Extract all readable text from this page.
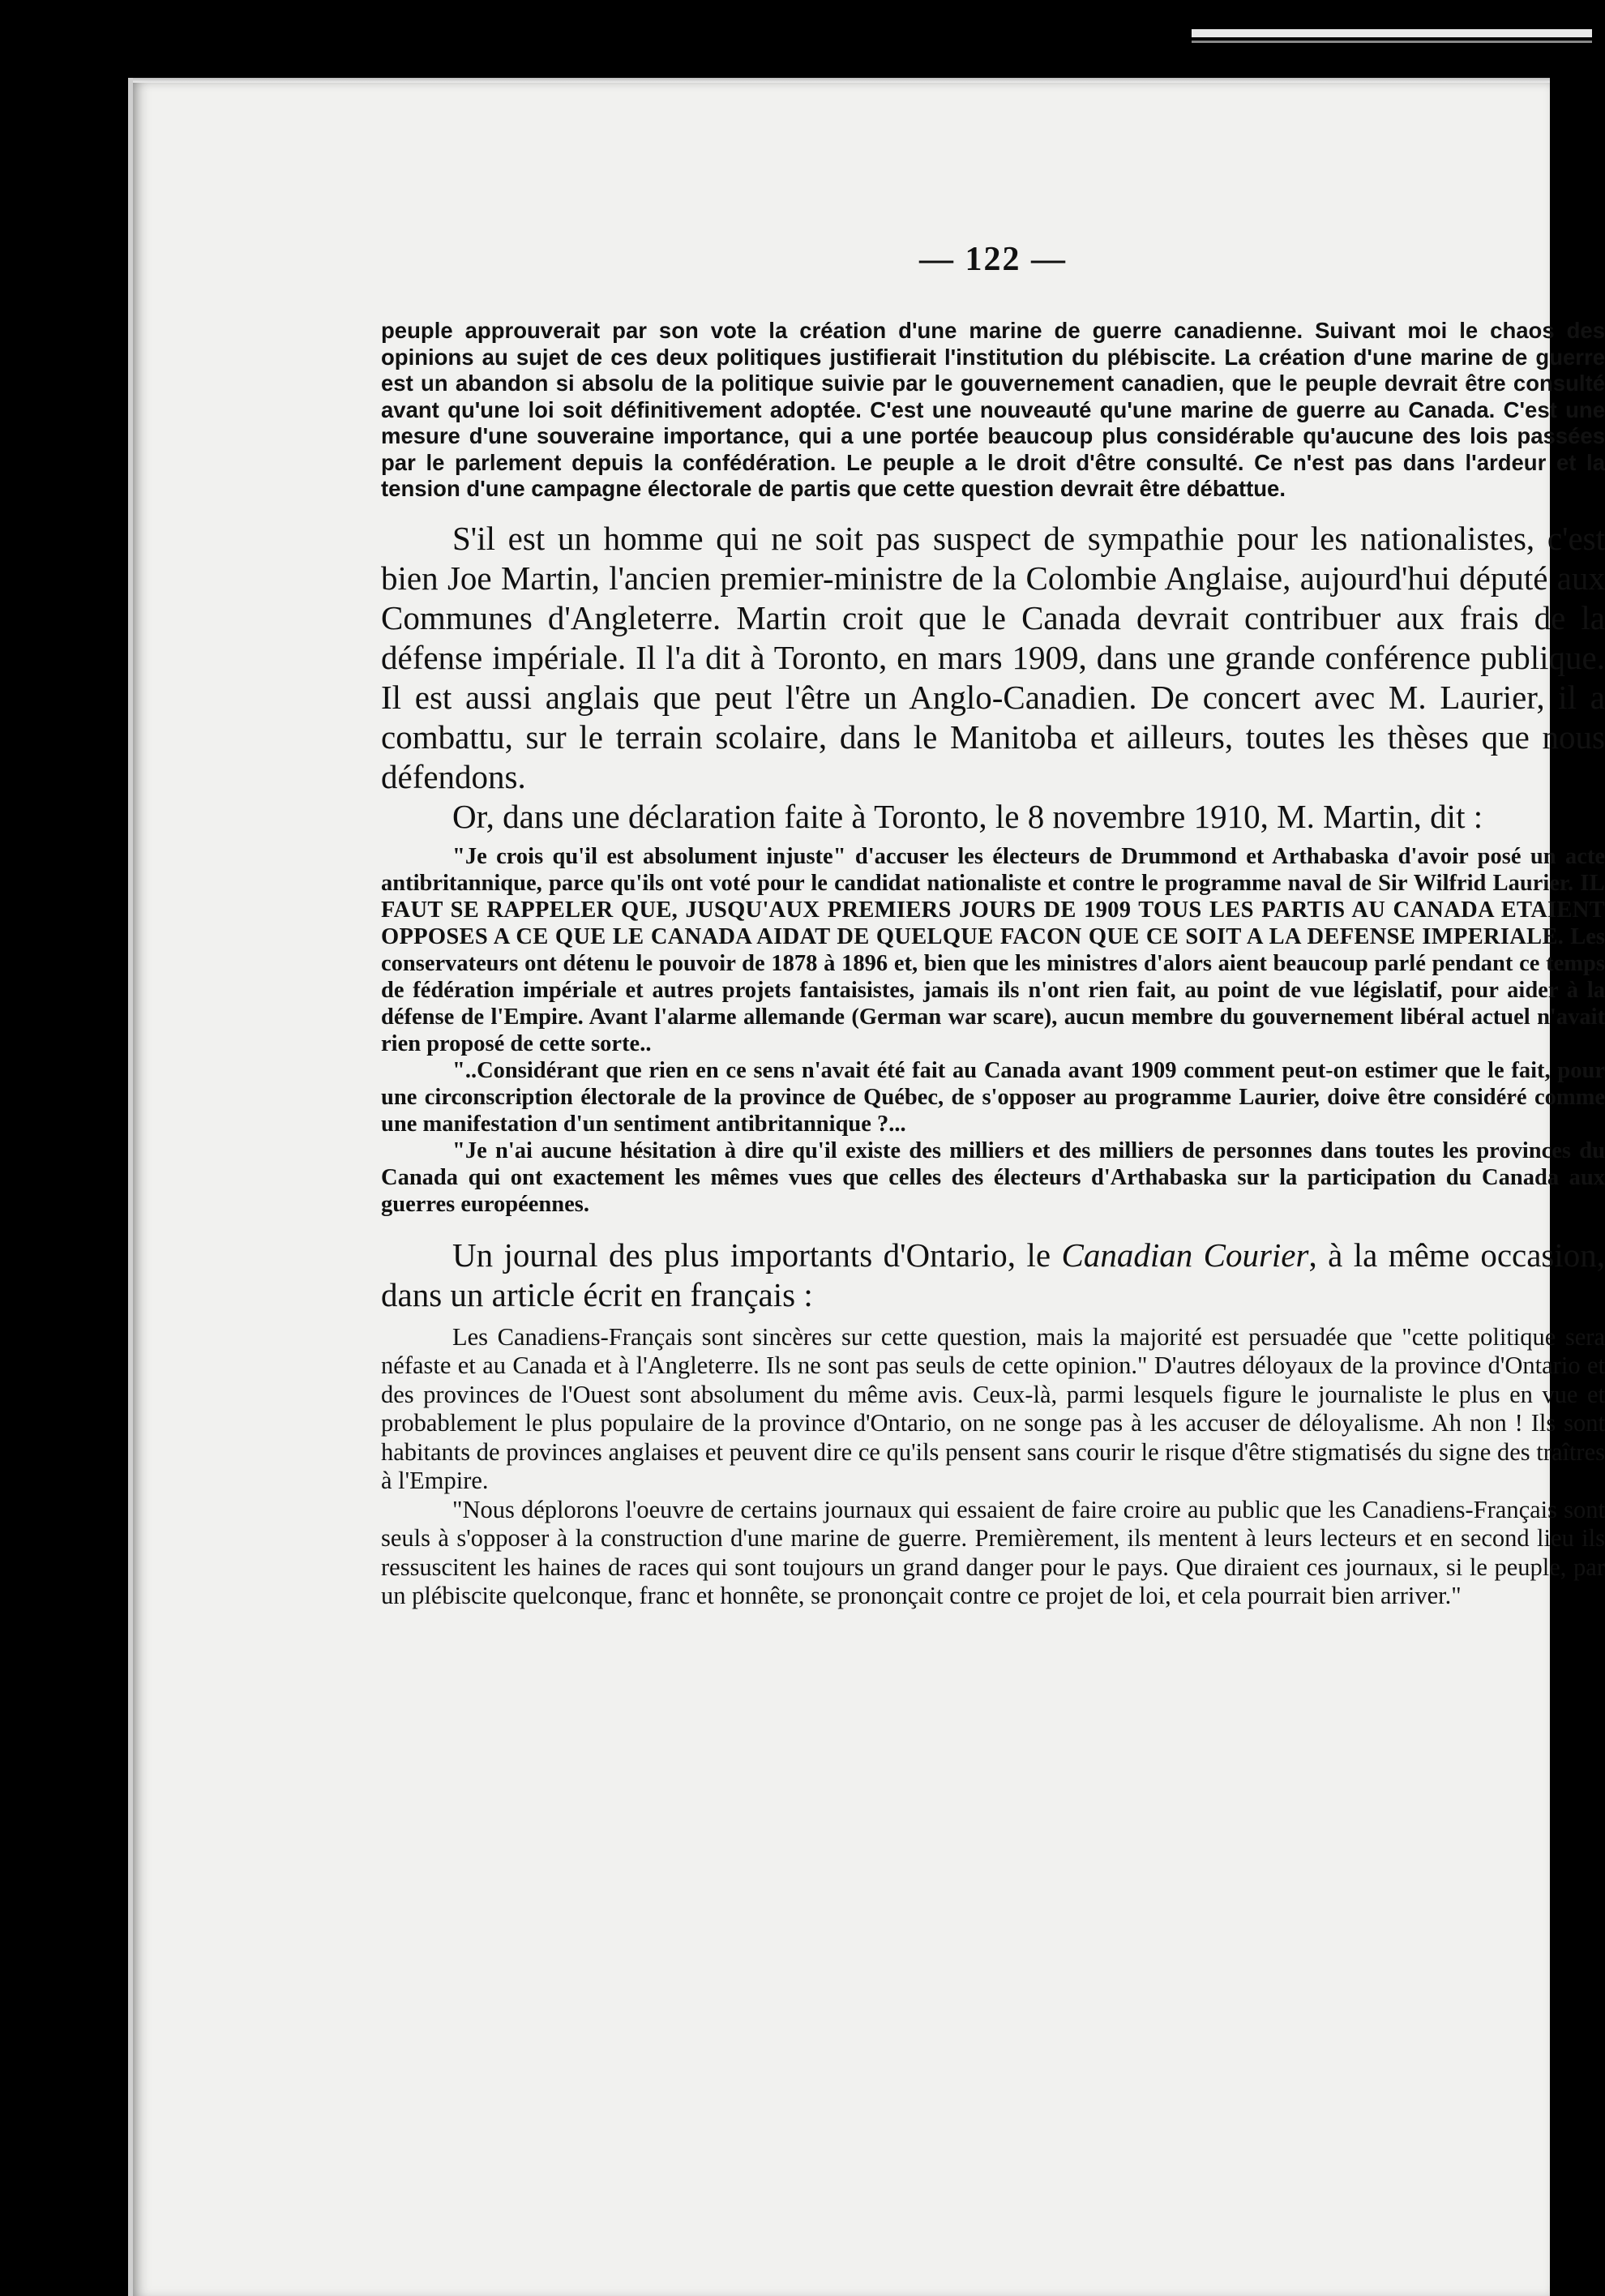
— 122 —

peuple approuverait par son vote la création d'une marine de guerre canadienne. Suivant moi le chaos des opinions au sujet de ces deux politiques justifierait l'institution du plébiscite. La création d'une marine de guerre est un abandon si absolu de la politique suivie par le gouvernement canadien, que le peuple devrait être consulté avant qu'une loi soit définitivement adoptée. C'est une nouveauté qu'une marine de guerre au Canada. C'est une mesure d'une souveraine importance, qui a une portée beaucoup plus considérable qu'aucune des lois passées par le parlement depuis la confédération. Le peuple a le droit d'être consulté. Ce n'est pas dans l'ardeur et la tension d'une campagne électorale de partis que cette question devrait être débattue.

S'il est un homme qui ne soit pas suspect de sympathie pour les nationalistes, c'est bien Joe Martin, l'ancien premier-ministre de la Colombie Anglaise, aujourd'hui député aux Communes d'Angleterre. Martin croit que le Canada devrait contribuer aux frais de la défense impériale. Il l'a dit à Toronto, en mars 1909, dans une grande conférence publique. Il est aussi anglais que peut l'être un Anglo-Canadien. De concert avec M. Laurier, il a combattu, sur le terrain scolaire, dans le Manitoba et ailleurs, toutes les thèses que nous défendons.

Or, dans une déclaration faite à Toronto, le 8 novembre 1910, M. Martin, dit :

"Je crois qu'il est absolument injuste" d'accuser les électeurs de Drummond et Arthabaska d'avoir posé un acte antibritannique, parce qu'ils ont voté pour le candidat nationaliste et contre le programme naval de Sir Wilfrid Laurier. IL FAUT SE RAPPELER QUE, JUSQU'AUX PREMIERS JOURS DE 1909 TOUS LES PARTIS AU CANADA ETAIENT OPPOSES A CE QUE LE CANADA AIDAT DE QUELQUE FACON QUE CE SOIT A LA DEFENSE IMPERIALE. Les conservateurs ont détenu le pouvoir de 1878 à 1896 et, bien que les ministres d'alors aient beaucoup parlé pendant ce temps de fédération impériale et autres projets fantaisistes, jamais ils n'ont rien fait, au point de vue législatif, pour aider à la défense de l'Empire. Avant l'alarme allemande (German war scare), aucun membre du gouvernement libéral actuel n'avait rien proposé de cette sorte..

"..Considérant que rien en ce sens n'avait été fait au Canada avant 1909 comment peut-on estimer que le fait, pour une circonscription électorale de la province de Québec, de s'opposer au programme Laurier, doive être considéré comme une manifestation d'un sentiment antibritannique ?...

"Je n'ai aucune hésitation à dire qu'il existe des milliers et des milliers de personnes dans toutes les provinces du Canada qui ont exactement les mêmes vues que celles des électeurs d'Arthabaska sur la participation du Canada aux guerres européennes.

Un journal des plus importants d'Ontario, le Canadian Courier, à la même occasion, dans un article écrit en français :

Les Canadiens-Français sont sincères sur cette question, mais la majorité est persuadée que "cette politique sera néfaste et au Canada et à l'Angleterre. Ils ne sont pas seuls de cette opinion." D'autres déloyaux de la province d'Ontario et des provinces de l'Ouest sont absolument du même avis. Ceux-là, parmi lesquels figure le journaliste le plus en vue et probablement le plus populaire de la province d'Ontario, on ne songe pas à les accuser de déloyalisme. Ah non ! Ils sont habitants de provinces anglaises et peuvent dire ce qu'ils pensent sans courir le risque d'être stigmatisés du signe des traîtres à l'Empire.

"Nous déplorons l'oeuvre de certains journaux qui essaient de faire croire au public que les Canadiens-Français sont seuls à s'opposer à la construction d'une marine de guerre. Premièrement, ils mentent à leurs lecteurs et en second lieu ils ressuscitent les haines de races qui sont toujours un grand danger pour le pays. Que diraient ces journaux, si le peuple, par un plébiscite quelconque, franc et honnête, se prononçait contre ce projet de loi, et cela pourrait bien arriver."
